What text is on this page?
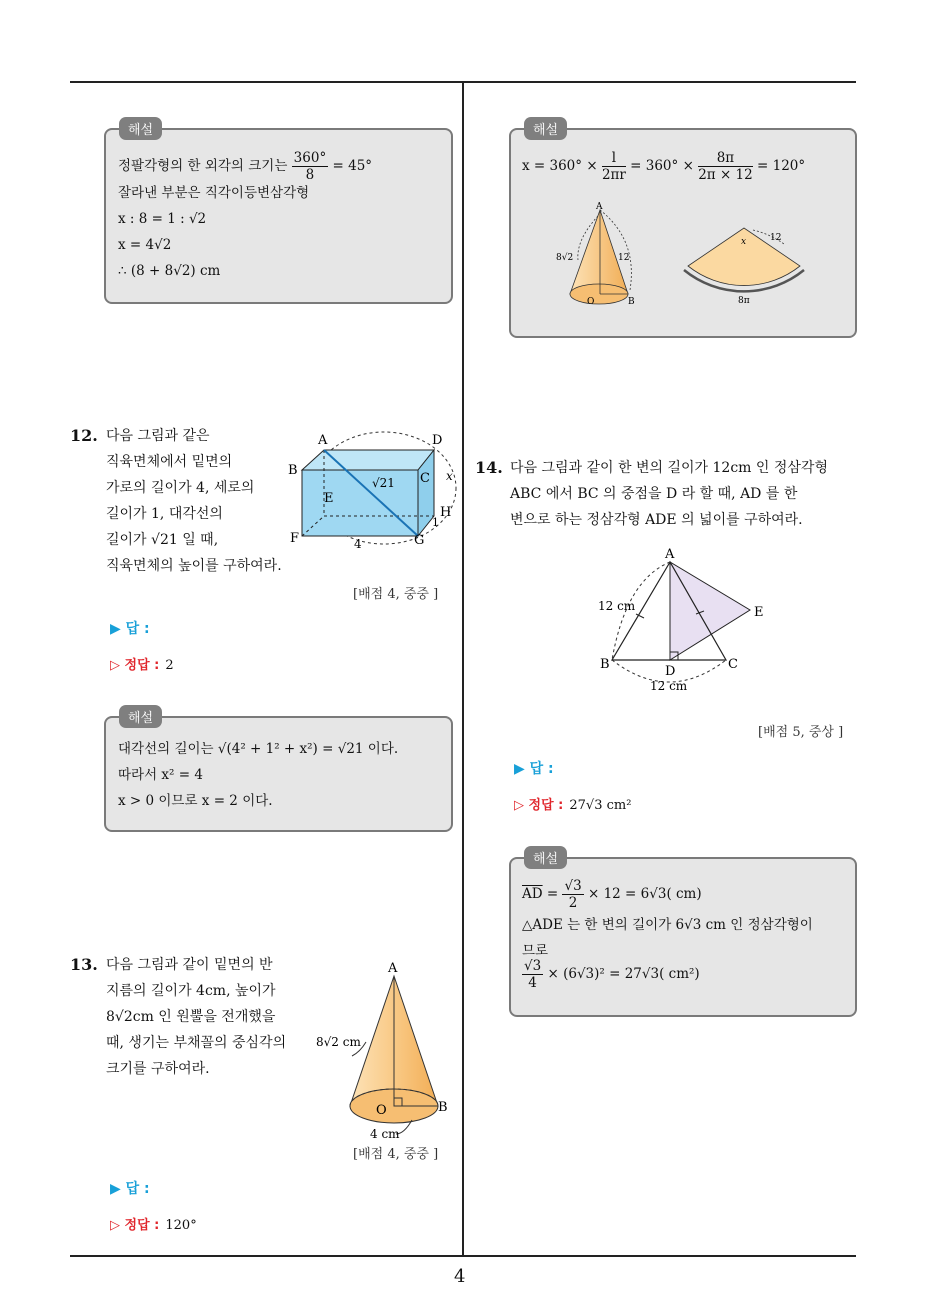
4
해설
정팔각형의 한 외각의 크기는 $\frac{360^\circ}{8} = 45^\circ$
잘라낸 부분은 직각이등변삼각형
x : 8 = 1 : √2
x = 4√2
∴ (8 + 8√2) cm
12. 다음 그림과 같은
직육면체에서 밑면의
가로의 길이가 4, 세로의
길이가 1, 대각선의
길이가 √21 일 때,
직육면체의 높이를 구하여라.
A	D
B
C
E
F	G
H
√21	x
1
4
[배점 4, 중중 ]
▶ 답 :
▷ 정답 : 2
해설
대각선의 길이는 √(4² + 1² + x²) = √21 이다.
따라서 x² = 4
x > 0 이므로 x = 2 이다.
13. 다음 그림과 같이 밑면의 반
지름의 길이가 4cm, 높이가
8√2cm 인 원뿔을 전개했을
때, 생기는 부채꼴의 중심각의
크기를 구하여라.
A
O	B
8√2 cm
4 cm
[배점 4, 중중 ]
▶ 답 :
▷ 정답 : 120°
해설
$x = 360^\circ \times \frac{l}{2\pi r} = 360^\circ \times \frac{8\pi}{2\pi \times 12} = 120^\circ$
A
O	B
8√2	12
x	12
8π
14. 다음 그림과 같이 한 변의 길이가 12cm 인 정삼각형
ABC 에서 BC 의 중점을 D 라 할 때, AD 를 한
변으로 하는 정삼각형 ADE 의 넓이를 구하여라.
A
B	C
D
E
12 cm
12 cm
[배점 5, 중상 ]
▶ 답 :
▷ 정답 : 27√3 cm²
해설
$\overline{AD} = \frac{√3}{2} \times 12 = 6√3$( cm)
△ADE 는 한 변의 길이가 6√3 cm 인 정삼각형이
므로
$\frac{√3}{4} \times (6√3)^2 = 27√3$( cm²)
